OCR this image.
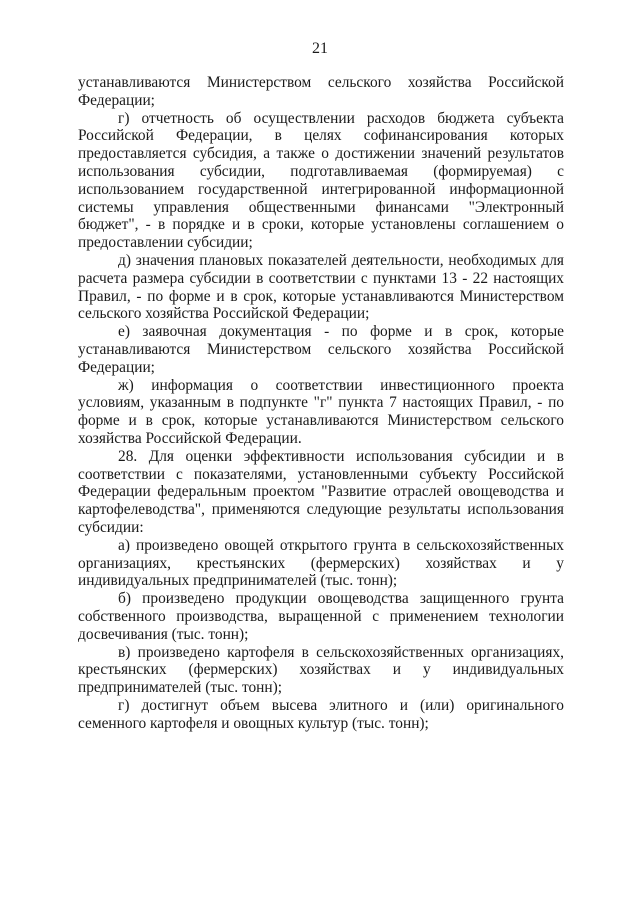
21

устанавливаются Министерством сельского хозяйства Российской Федерации;

г) отчетность об осуществлении расходов бюджета субъекта Российской Федерации, в целях софинансирования которых предоставляется субсидия, а также о достижении значений результатов использования субсидии, подготавливаемая (формируемая) с использованием государственной интегрированной информационной системы управления общественными финансами "Электронный бюджет", - в порядке и в сроки, которые установлены соглашением о предоставлении субсидии;

д) значения плановых показателей деятельности, необходимых для расчета размера субсидии в соответствии с пунктами 13 - 22 настоящих Правил, - по форме и в срок, которые устанавливаются Министерством сельского хозяйства Российской Федерации;

е) заявочная документация - по форме и в срок, которые устанавливаются Министерством сельского хозяйства Российской Федерации;

ж) информация о соответствии инвестиционного проекта условиям, указанным в подпункте "г" пункта 7 настоящих Правил, - по форме и в срок, которые устанавливаются Министерством сельского хозяйства Российской Федерации.

28. Для оценки эффективности использования субсидии и в соответствии с показателями, установленными субъекту Российской Федерации федеральным проектом "Развитие отраслей овощеводства и картофелеводства", применяются следующие результаты использования субсидии:

а) произведено овощей открытого грунта в сельскохозяйственных организациях, крестьянских (фермерских) хозяйствах и у индивидуальных предпринимателей (тыс. тонн);

б) произведено продукции овощеводства защищенного грунта собственного производства, выращенной с применением технологии досвечивания (тыс. тонн);

в) произведено картофеля в сельскохозяйственных организациях, крестьянских (фермерских) хозяйствах и у индивидуальных предпринимателей (тыс. тонн);

г) достигнут объем высева элитного и (или) оригинального семенного картофеля и овощных культур (тыс. тонн);
